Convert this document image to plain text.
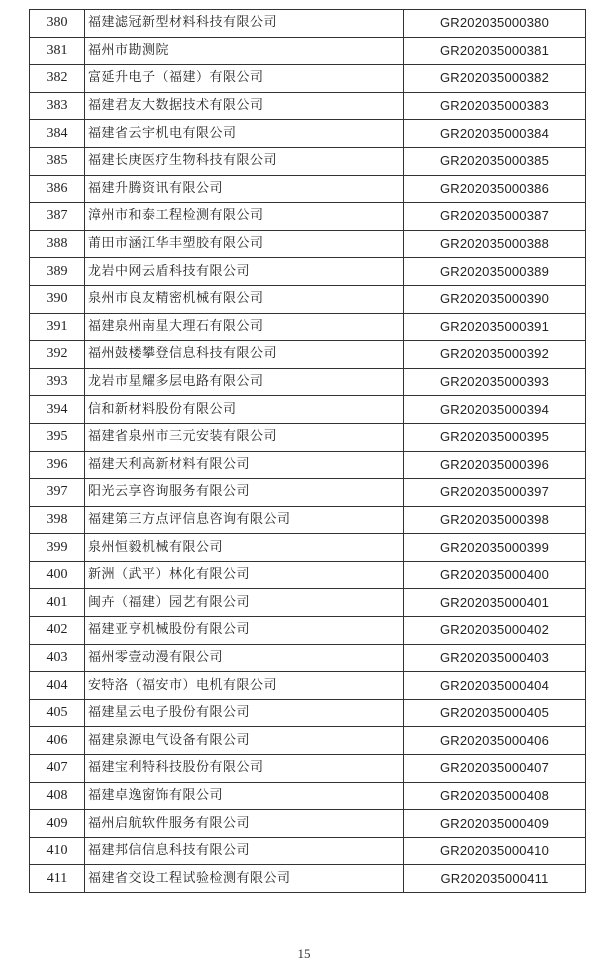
380	福建滤冠新型材料科技有限公司	GR202035000380
381	福州市勘测院	GR202035000381
382	富延升电子（福建）有限公司	GR202035000382
383	福建君友大数据技术有限公司	GR202035000383
384	福建省云宇机电有限公司	GR202035000384
385	福建长庚医疗生物科技有限公司	GR202035000385
386	福建升腾资讯有限公司	GR202035000386
387	漳州市和泰工程检测有限公司	GR202035000387
388	莆田市涵江华丰塑胶有限公司	GR202035000388
389	龙岩中网云盾科技有限公司	GR202035000389
390	泉州市良友精密机械有限公司	GR202035000390
391	福建泉州南星大理石有限公司	GR202035000391
392	福州鼓楼攀登信息科技有限公司	GR202035000392
393	龙岩市星耀多层电路有限公司	GR202035000393
394	信和新材料股份有限公司	GR202035000394
395	福建省泉州市三元安装有限公司	GR202035000395
396	福建天利高新材料有限公司	GR202035000396
397	阳光云享咨询服务有限公司	GR202035000397
398	福建第三方点评信息咨询有限公司	GR202035000398
399	泉州恒毅机械有限公司	GR202035000399
400	新洲（武平）林化有限公司	GR202035000400
401	闽卉（福建）园艺有限公司	GR202035000401
402	福建亚亨机械股份有限公司	GR202035000402
403	福州零壹动漫有限公司	GR202035000403
404	安特洛（福安市）电机有限公司	GR202035000404
405	福建星云电子股份有限公司	GR202035000405
406	福建泉源电气设备有限公司	GR202035000406
407	福建宝利特科技股份有限公司	GR202035000407
408	福建卓逸窗饰有限公司	GR202035000408
409	福州启航软件服务有限公司	GR202035000409
410	福建邦信信息科技有限公司	GR202035000410
411	福建省交设工程试验检测有限公司	GR202035000411
15
